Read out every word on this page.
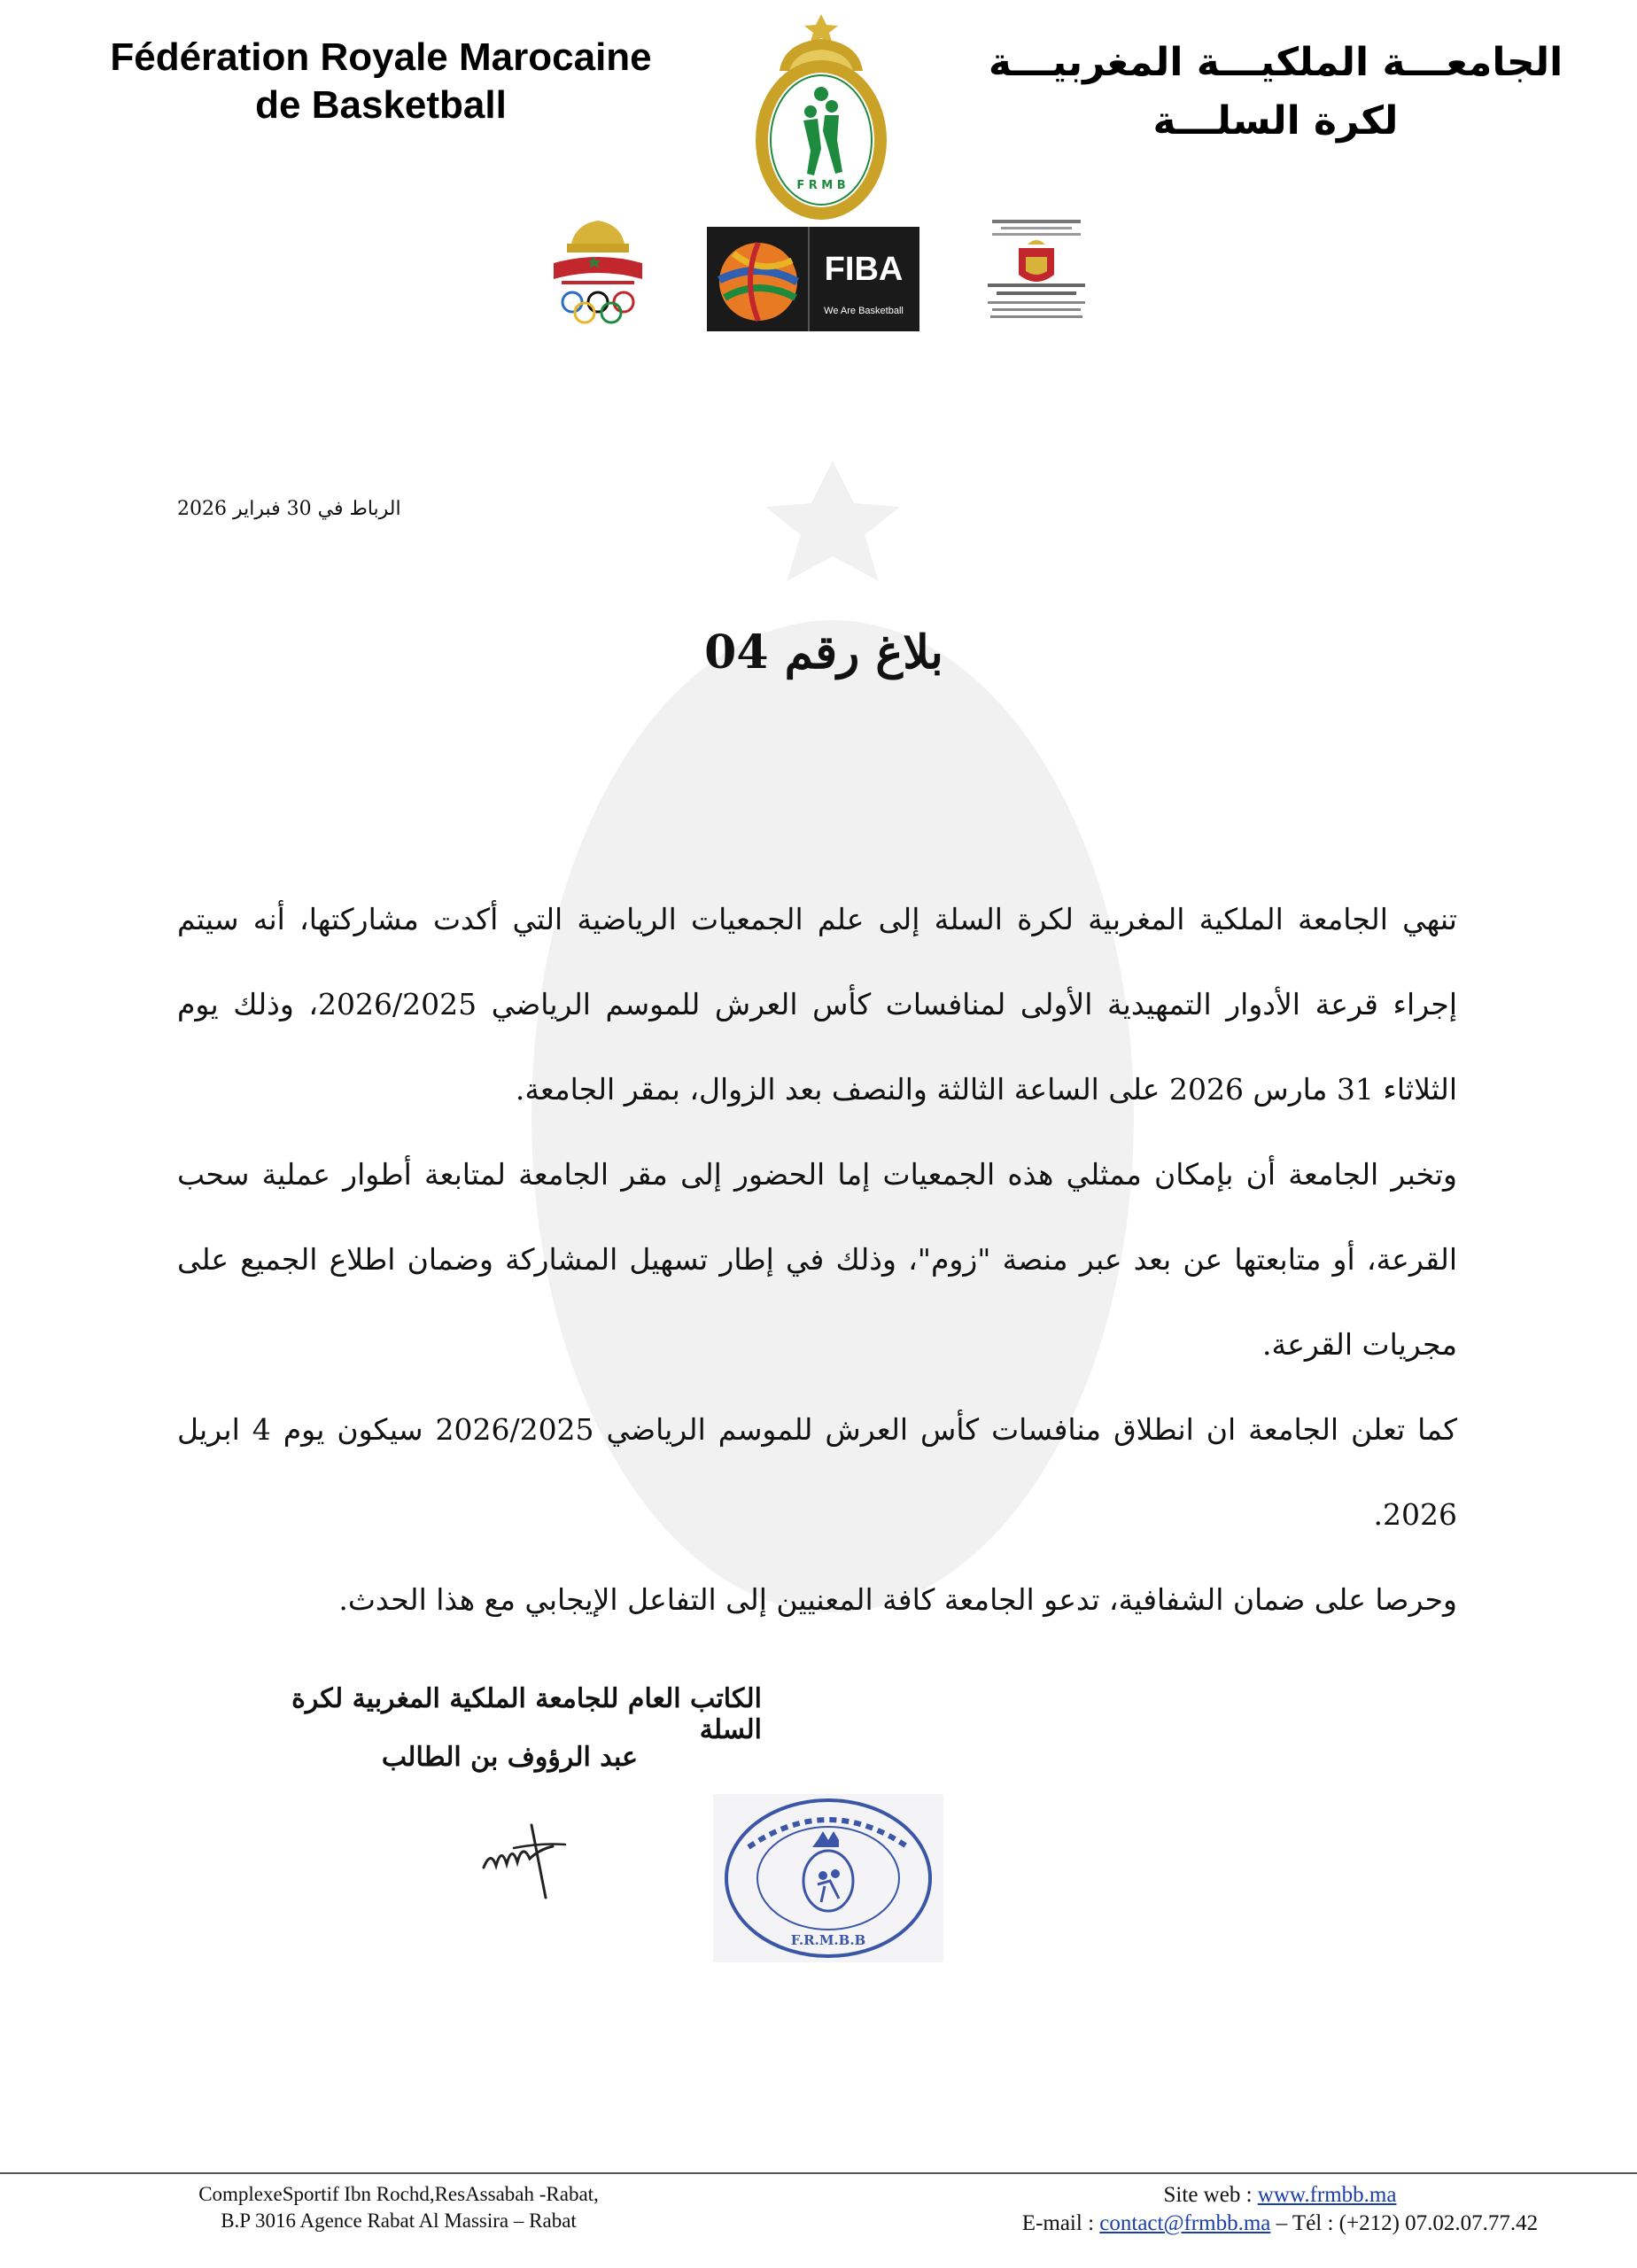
Fédération Royale Marocaine
de Basketball
الجامعـــة الملكيـــة المغربيـــة
لكرة السلـــة
F R M B
FIBA
We Are Basketball
الرباط في 30 فبراير 2026
بلاغ رقم 04

تنهي الجامعة الملكية المغربية لكرة السلة إلى علم الجمعيات الرياضية التي أكدت مشاركتها، أنه سيتم إجراء قرعة الأدوار التمهيدية الأولى لمنافسات كأس العرش للموسم الرياضي 2026/2025، وذلك يوم الثلاثاء 31 مارس 2026 على الساعة الثالثة والنصف بعد الزوال، بمقر الجامعة.

وتخبر الجامعة أن بإمكان ممثلي هذه الجمعيات إما الحضور إلى مقر الجامعة لمتابعة أطوار عملية سحب القرعة، أو متابعتها عن بعد عبر منصة "زوم"، وذلك في إطار تسهيل المشاركة وضمان اطلاع الجميع على مجريات القرعة.

كما تعلن الجامعة ان انطلاق منافسات كأس العرش للموسم الرياضي 2026/2025 سيكون يوم 4 ابريل 2026.

وحرصا على ضمان الشفافية، تدعو الجامعة كافة المعنيين إلى التفاعل الإيجابي مع هذا الحدث.

الكاتب العام للجامعة الملكية المغربية لكرة السلة
عبد الرؤوف بن الطالب
F.R.M.B.B
ComplexeSportif Ibn Rochd,ResAssabah -Rabat,
B.P 3016 Agence Rabat Al Massira – Rabat
Site web : www.frmbb.ma
E-mail : contact@frmbb.ma – Tél : (+212) 07.02.07.77.42
